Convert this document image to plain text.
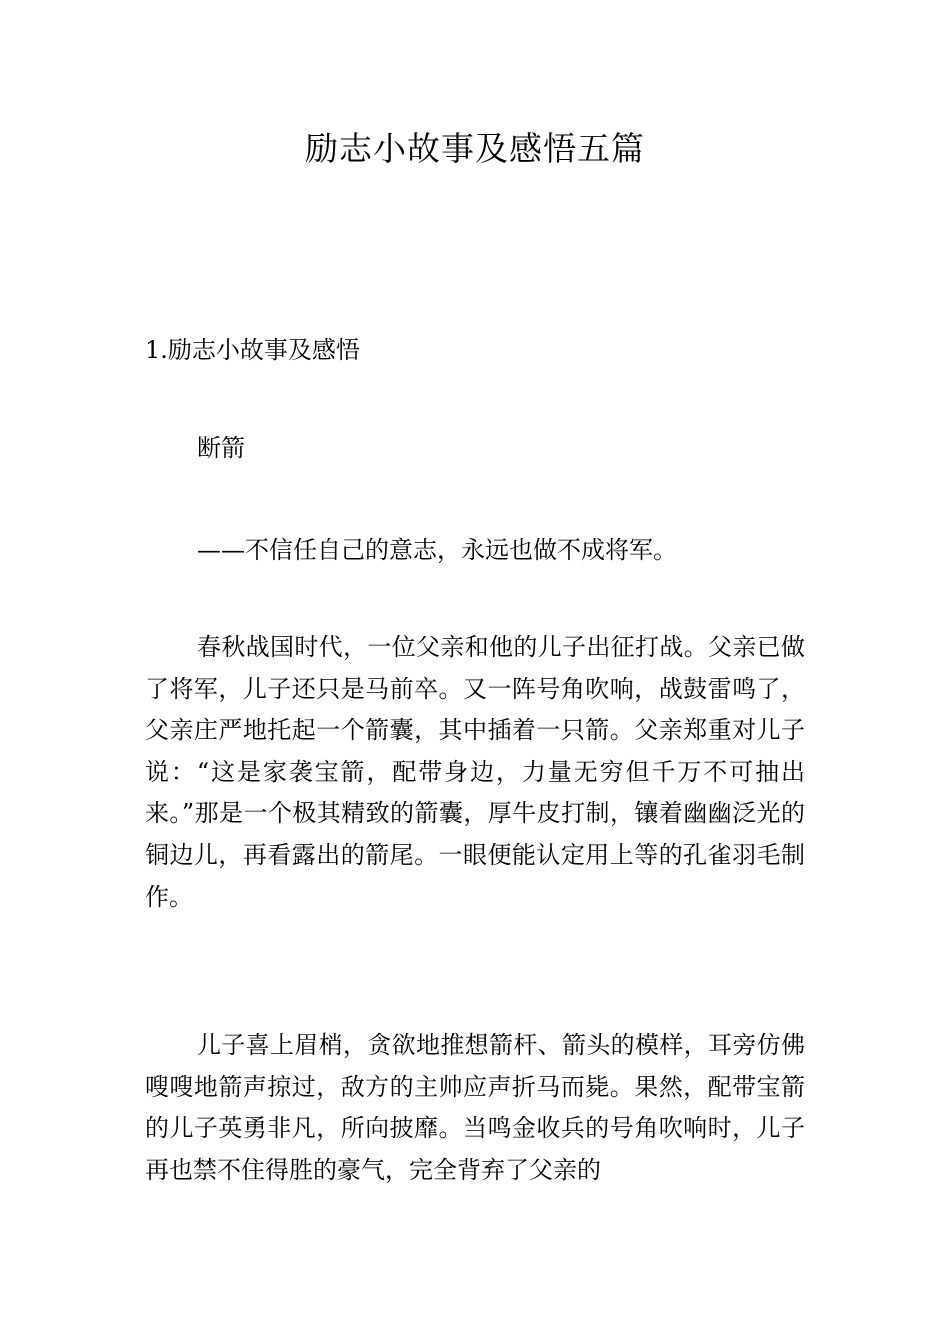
励志小故事及感悟五篇
1.励志小故事及感悟

断箭

——不信任自己的意志，永远也做不成将军。

春秋战国时代，一位父亲和他的儿子出征打战。父亲已做了将军，儿子还只是马前卒。又一阵号角吹响，战鼓雷鸣了，父亲庄严地托起一个箭囊，其中插着一只箭。父亲郑重对儿子说：“这是家袭宝箭，配带身边，力量无穷但千万不可抽出来。”那是一个极其精致的箭囊，厚牛皮打制，镶着幽幽泛光的铜边儿，再看露出的箭尾。一眼便能认定用上等的孔雀羽毛制作。

儿子喜上眉梢，贪欲地推想箭杆、箭头的模样，耳旁仿佛嗖嗖地箭声掠过，敌方的主帅应声折马而毙。果然，配带宝箭的儿子英勇非凡，所向披靡。当鸣金收兵的号角吹响时，儿子再也禁不住得胜的豪气，完全背弃了父亲的
